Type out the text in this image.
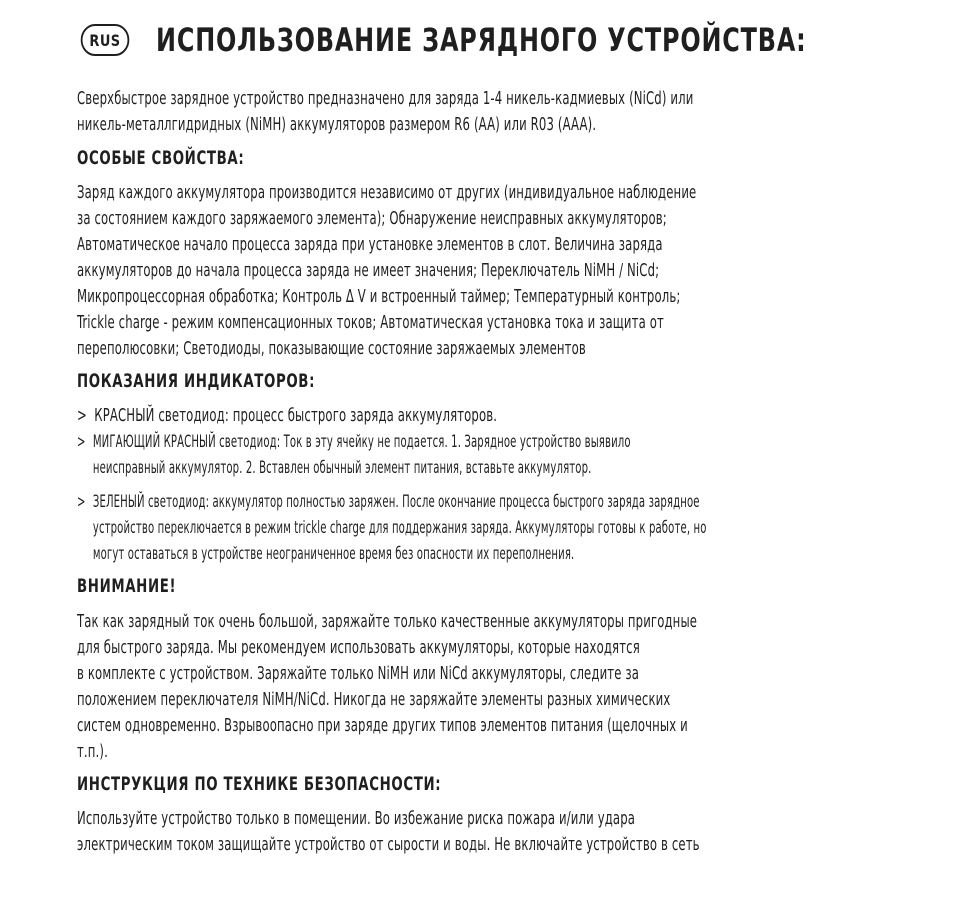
RUS ИСПОЛЬЗОВАНИЕ ЗАРЯДНОГО УСТРОЙСТВА:
Сверхбыстрое зарядное устройство предназначено для заряда 1-4 никель-кадмиевых (NiCd) или
никель-металлгидридных (NiMH) аккумуляторов размером R6 (AA) или R03 (AAA).
ОСОБЫЕ СВОЙСТВА:
Заряд каждого аккумулятора производится независимо от других (индивидуальное наблюдение
за состоянием каждого заряжаемого элемента); Обнаружение неисправных аккумуляторов;
Автоматическое начало процесса заряда при установке элементов в слот. Величина заряда
аккумуляторов до начала процесса заряда не имеет значения; Переключатель NiMH / NiCd;
Микропроцессорная обработка; Контроль ∆ V и встроенный таймер; Температурный контроль;
Trickle charge - режим компенсационных токов; Автоматическая установка тока и защита от
переполюсовки; Светодиоды, показывающие состояние заряжаемых элементов
ПОКАЗАНИЯ ИНДИКАТОРОВ:
> КРАСНЫЙ светодиод: процесс быстрого заряда аккумуляторов.
> МИГАЮЩИЙ КРАСНЫЙ светодиод: Ток в эту ячейку не подается. 1. Зарядное устройство выявило
неисправный аккумулятор. 2. Вставлен обычный элемент питания, вставьте аккумулятор.
> ЗЕЛЕНЫЙ светодиод: аккумулятор полностью заряжен. После окончание процесса быстрого заряда зарядное
устройство переключается в режим trickle charge для поддержания заряда. Аккумуляторы готовы к работе, но
могут оставаться в устройстве неограниченное время без опасности их переполнения.
ВНИМАНИЕ!
Так как зарядный ток очень большой, заряжайте только качественные аккумуляторы пригодные
для быстрого заряда. Мы рекомендуем использовать аккумуляторы, которые находятся
в комплекте с устройством. Заряжайте только NiMH или NiCd аккумуляторы, следите за
положением переключателя NiMH/NiCd. Никогда не заряжайте элементы разных химических
систем одновременно. Взрывоопасно при заряде других типов элементов питания (щелочных и
т.п.).
ИНСТРУКЦИЯ ПО ТЕХНИКЕ БЕЗОПАСНОСТИ:
Используйте устройство только в помещении. Во избежание риска пожара и/или удара
электрическим током защищайте устройство от сырости и воды. Не включайте устройство в сеть
